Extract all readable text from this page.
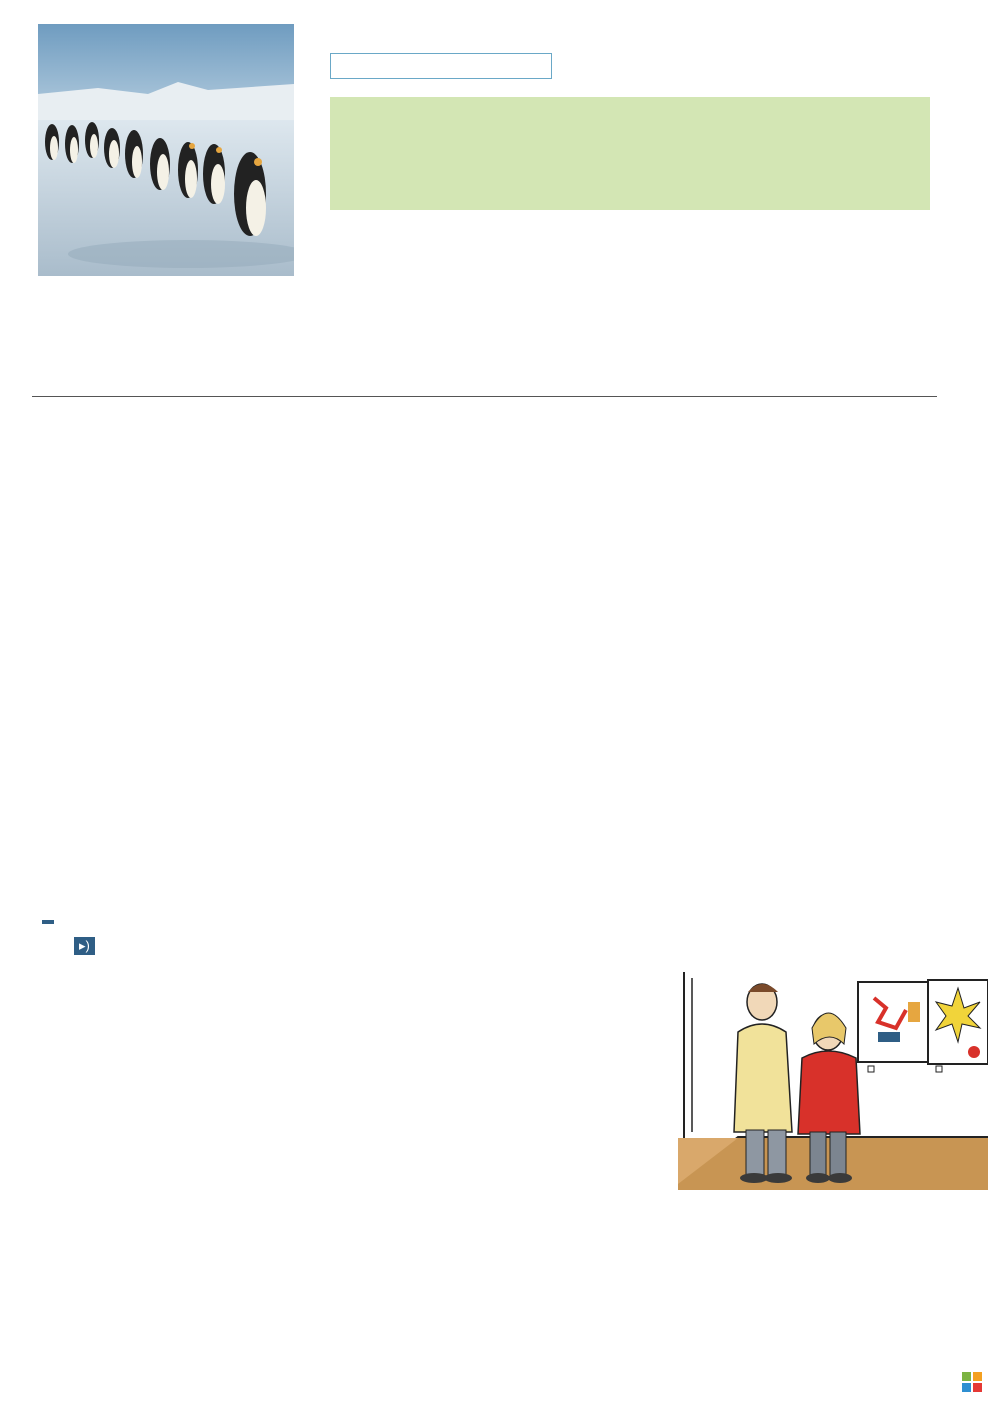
▸)
